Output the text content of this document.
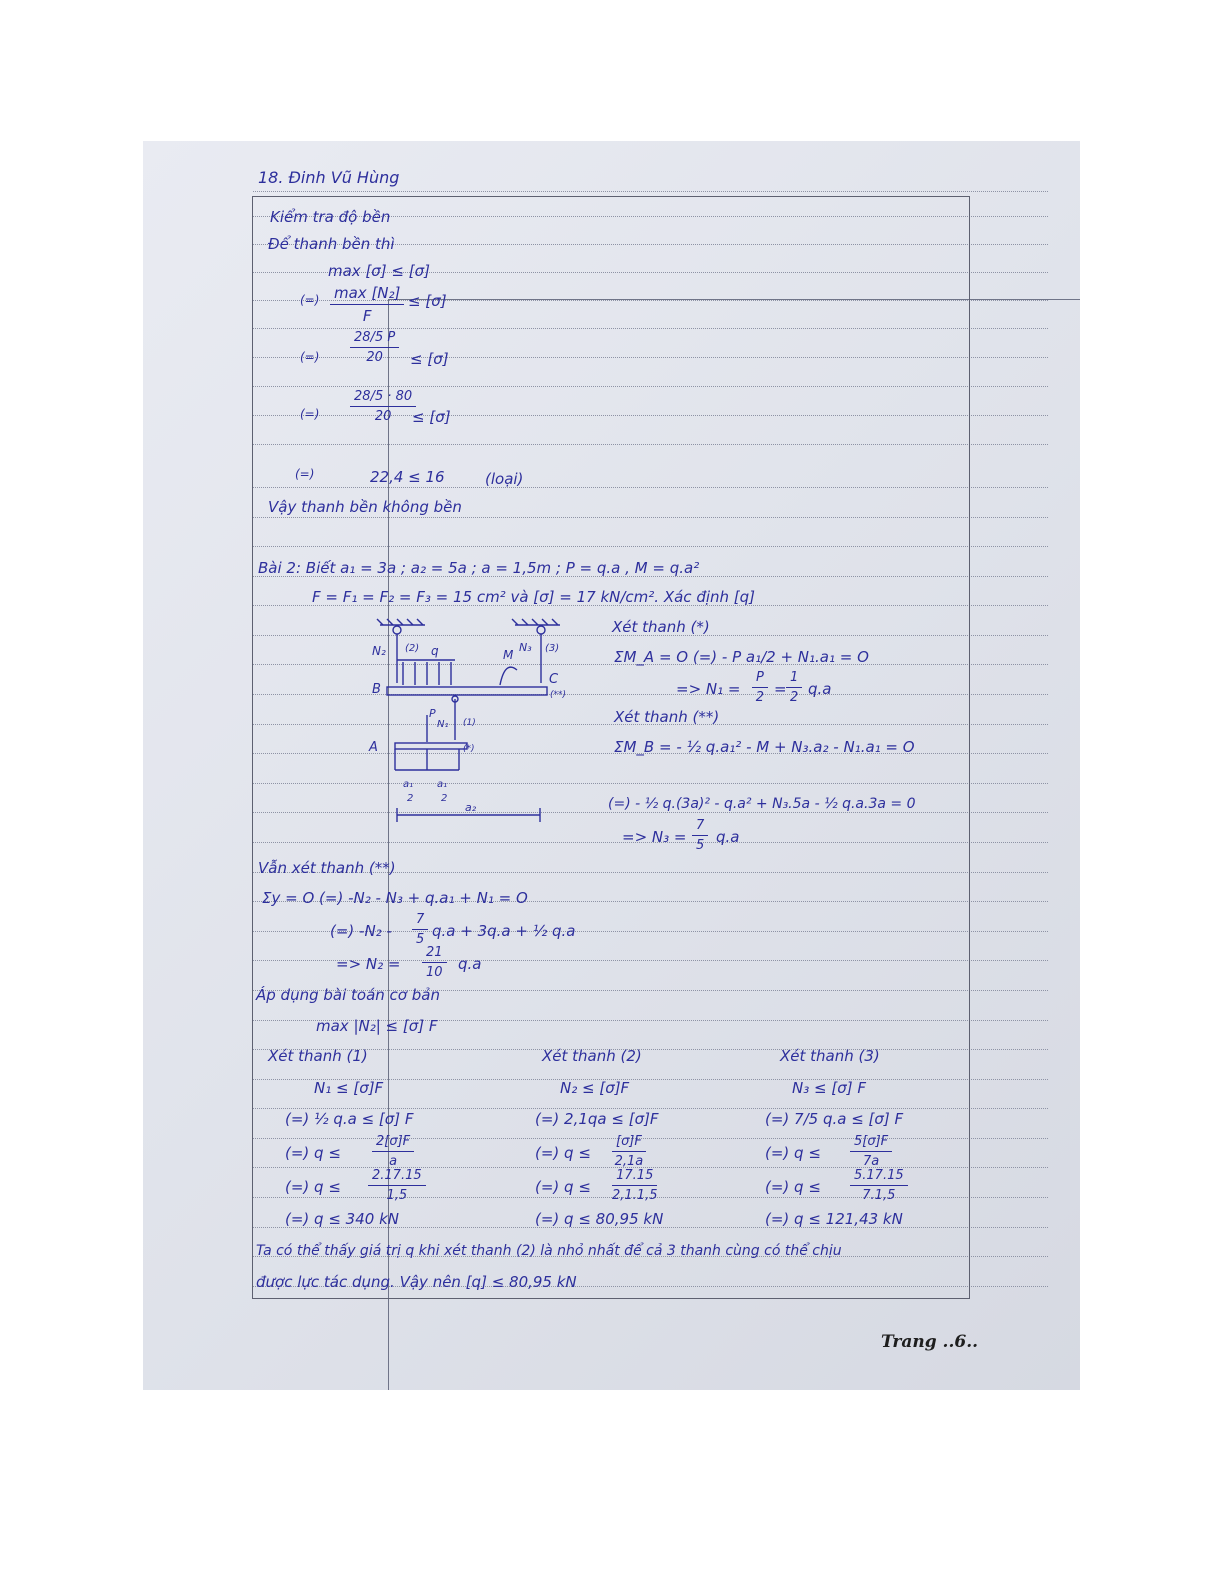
18. Đinh Vũ Hùng
Kiểm tra độ bền
Để thanh bền thì
max [σ] ≤ [σ]
(=) max [N₂]
F
≤ [σ]
(=)
28/5 P
20	≤ [σ]
(=)
28/5 · 80
20	≤ [σ]
(=)	22,4 ≤ 16	(loại)
Vậy thanh bền không bền
Bài 2: Biết a₁ = 3a ; a₂ = 5a ; a = 1,5m ; P = q.a , M = q.a²
F = F₁ = F₂ = F₃ = 15 cm² và [σ] = 17 kN/cm². Xác định [q]
N₂ (2) q	M
N₃ (3)
B
C
(**)
P
N₁ (1)
(*)
A
a₁
2
a₁
2
a₂
Xét thanh (*)
ΣM_A = O (=) - P a₁/2 + N₁.a₁ = O
=> N₁ =
P
2 =
1
2 q.a
Xét thanh (**)
ΣM_B = - ½ q.a₁² - M + N₃.a₂ - N₁.a₁ = O
(=) - ½ q.(3a)² - q.a² + N₃.5a - ½ q.a.3a = 0
=> N₃ =
7
5 q.a
Vẫn xét thanh (**)
Σy = O (=) -N₂ - N₃ + q.a₁ + N₁ = O
(=) -N₂ -
7
5 q.a + 3q.a + ½ q.a
=> N₂ =
21
10 q.a
Áp dụng bài toán cơ bản
max |N₂| ≤ [σ] F
Xét thanh (1)
N₁ ≤ [σ]F
(=) ½ q.a ≤ [σ] F
(=) q ≤
2[σ]F
a
(=) q ≤
2.17.15
1,5
(=) q ≤ 340 kN
Xét thanh (2)
N₂ ≤ [σ]F
(=) 2,1qa ≤ [σ]F
(=) q ≤
[σ]F
2,1a
(=) q ≤
17.15
2,1.1,5
(=) q ≤ 80,95 kN
Xét thanh (3)
N₃ ≤ [σ] F
(=) 7/5 q.a ≤ [σ] F
(=) q ≤
5[σ]F
7a
(=) q ≤
5.17.15
7.1,5
(=) q ≤ 121,43 kN
Ta có thể thấy giá trị q khi xét thanh (2) là nhỏ nhất để cả 3 thanh cùng có thể chịu
được lực tác dụng. Vậy nên [q] ≤ 80,95 kN
Trang ..6..
